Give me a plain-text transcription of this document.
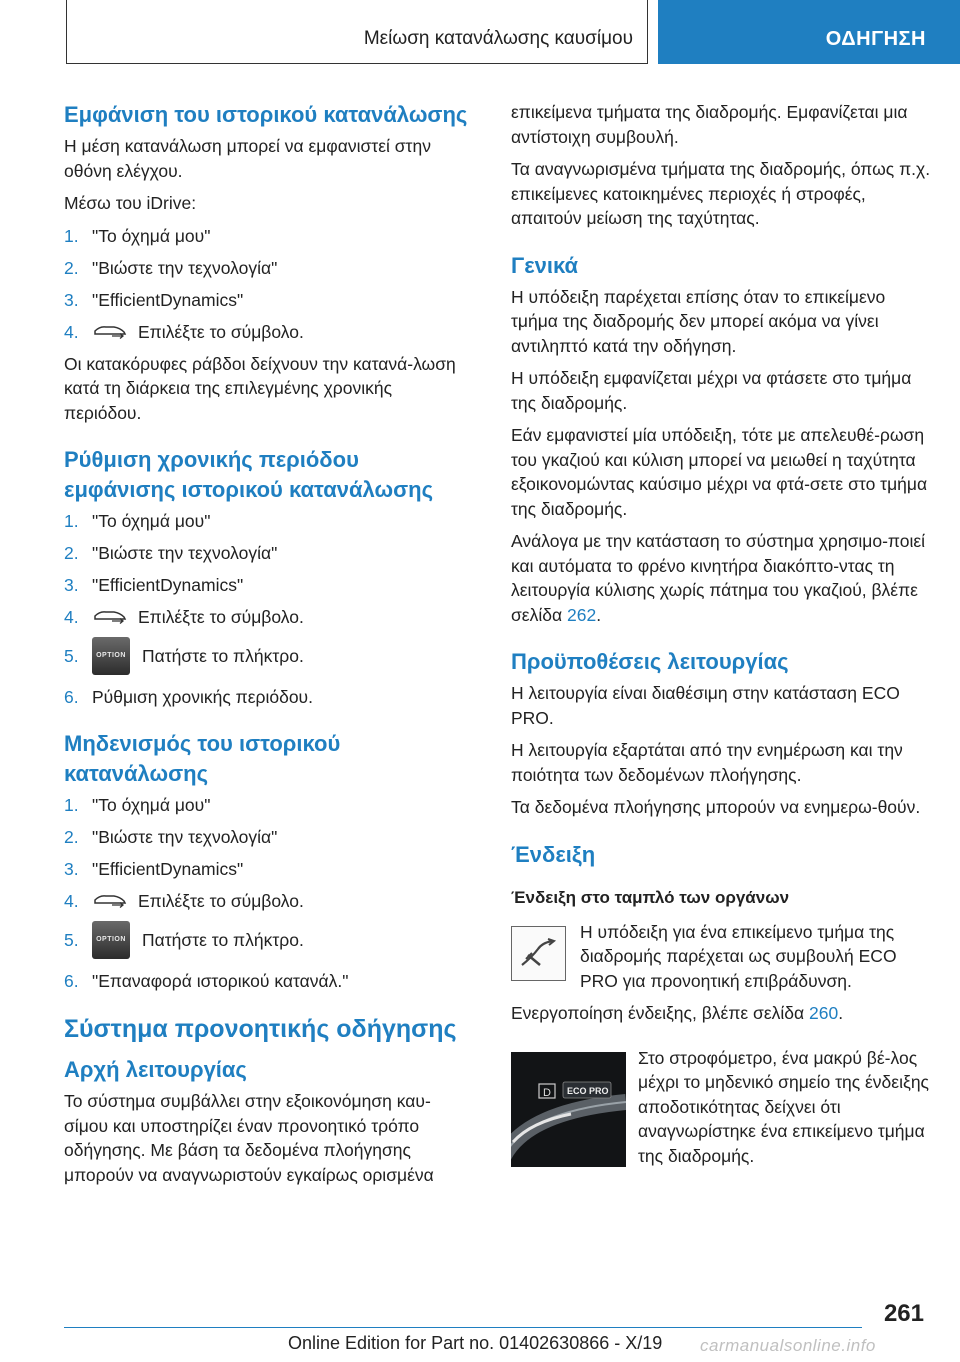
Μείωση κατανάλωσης καυσίμου	ΟΔΗΓΗΣΗ
Εμφάνιση του ιστορικού κατανάλωσης

Η μέση κατανάλωση μπορεί να εμφανιστεί στην οθόνη ελέγχου.

Μέσω του iDrive:

1. "Το όχημά μου"
2. "Βιώστε την τεχνολογία"
3. "EfficientDynamics"
4.	Επιλέξτε το σύμβολο.

Οι κατακόρυφες ράβδοι δείχνουν την κατανά-λωση κατά τη διάρκεια της επιλεγμένης χρονικής περιόδου.

Ρύθμιση χρονικής περιόδου εμφάνισης ιστορικού κατανάλωσης
1. "Το όχημά μου"
2. "Βιώστε την τεχνολογία"
3. "EfficientDynamics"
4.	Επιλέξτε το σύμβολο.
5.	OPTION Πατήστε το πλήκτρο.
6. Ρύθμιση χρονικής περιόδου.
Μηδενισμός του ιστορικού κατανάλωσης
1. "Το όχημά μου"
2. "Βιώστε την τεχνολογία"
3. "EfficientDynamics"
4.	Επιλέξτε το σύμβολο.
5.	OPTION Πατήστε το πλήκτρο.
6. "Επαναφορά ιστορικού κατανάλ."
Σύστημα προνοητικής οδήγησης
Αρχή λειτουργίας

Το σύστημα συμβάλλει στην εξοικονόμηση καυ-σίμου και υποστηρίζει έναν προνοητικό τρόπο οδήγησης. Με βάση τα δεδομένα πλοήγησης μπορούν να αναγνωριστούν εγκαίρως ορισμένα

επικείμενα τμήματα της διαδρομής. Εμφανίζεται μια αντίστοιχη συμβουλή.

Τα αναγνωρισμένα τμήματα της διαδρομής, όπως π.χ. επικείμενες κατοικημένες περιοχές ή στροφές, απαιτούν μείωση της ταχύτητας.

Γενικά

Η υπόδειξη παρέχεται επίσης όταν το επικείμενο τμήμα της διαδρομής δεν μπορεί ακόμα να γίνει αντιληπτό κατά την οδήγηση.

Η υπόδειξη εμφανίζεται μέχρι να φτάσετε στο τμήμα της διαδρομής.

Εάν εμφανιστεί μία υπόδειξη, τότε με απελευθέ-ρωση του γκαζιού και κύλιση μπορεί να μειωθεί η ταχύτητα εξοικονομώντας καύσιμο μέχρι να φτά-σετε στο τμήμα της διαδρομής.

Ανάλογα με την κατάσταση το σύστημα χρησιμο-ποιεί και αυτόματα το φρένο κινητήρα διακόπτο-ντας τη λειτουργία κύλισης χωρίς πάτημα του γκαζιού, βλέπε σελίδα 262.

Προϋποθέσεις λειτουργίας

Η λειτουργία είναι διαθέσιμη στην κατάσταση ECO PRO.

Η λειτουργία εξαρτάται από την ενημέρωση και την ποιότητα των δεδομένων πλοήγησης.

Τα δεδομένα πλοήγησης μπορούν να ενημερω-θούν.

Ένδειξη
Ένδειξη στο ταμπλό των οργάνων

Η υπόδειξη για ένα επικείμενο τμήμα της διαδρομής παρέχεται ως συμβουλή ECO PRO για προνοητική επιβράδυνση.

Ενεργοποίηση ένδειξης, βλέπε σελίδα 260.

D ECO PRO

Στο στροφόμετρο, ένα μακρύ βέ-λος μέχρι το μηδενικό σημείο της ένδειξης αποδοτικότητας δείχνει ότι αναγνωρίστηκε ένα επικείμενο τμήμα της διαδρομής.

261
Online Edition for Part no. 01402630866 - X/19 carmanualsonline.info
